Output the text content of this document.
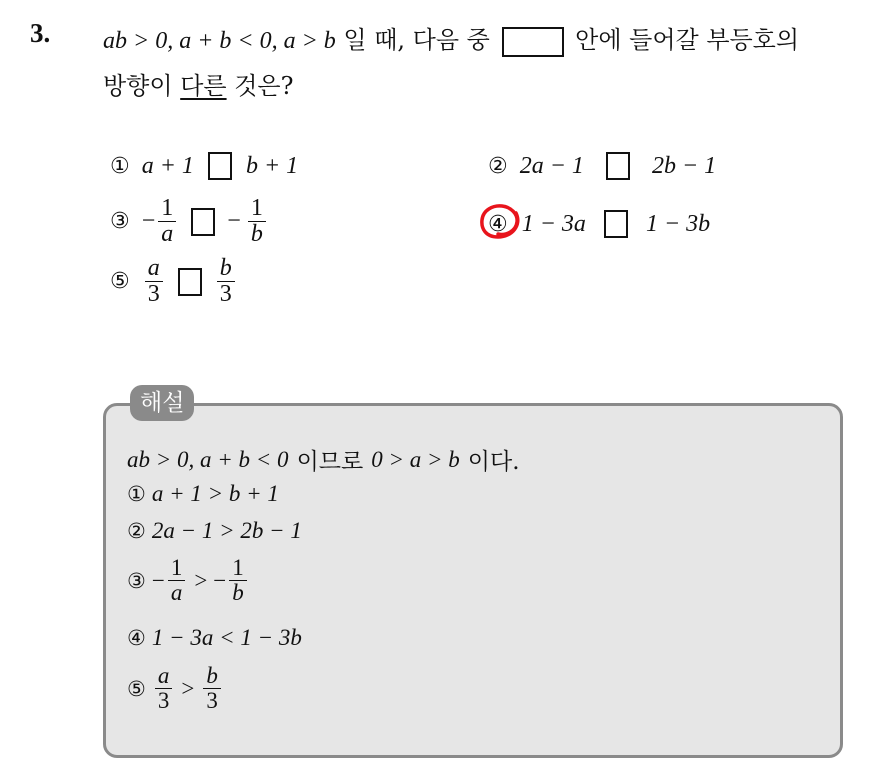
3. ab > 0, a + b < 0, a > b 일 때, 다음 중	안에 들어갈 부등호의
방향이 다른 것은?
① a + 1 b + 1	② 2a − 1	2b − 1
③ − $\frac{1}{a} - \frac{1}{b}$	④ 1 − 3a	1 − 3b
⑤ $\frac{a}{3} \frac{b}{3}$
해설
ab > 0, a + b < 0 이므로 0 > a > b 이다.
① a + 1 > b + 1
② 2a − 1 > 2b − 1
③ − $\frac{1}{a}$ > − $\frac{1}{b}$
④ 1 − 3a < 1 − 3b
⑤ $\frac{a}{3} > \frac{b}{3}$
